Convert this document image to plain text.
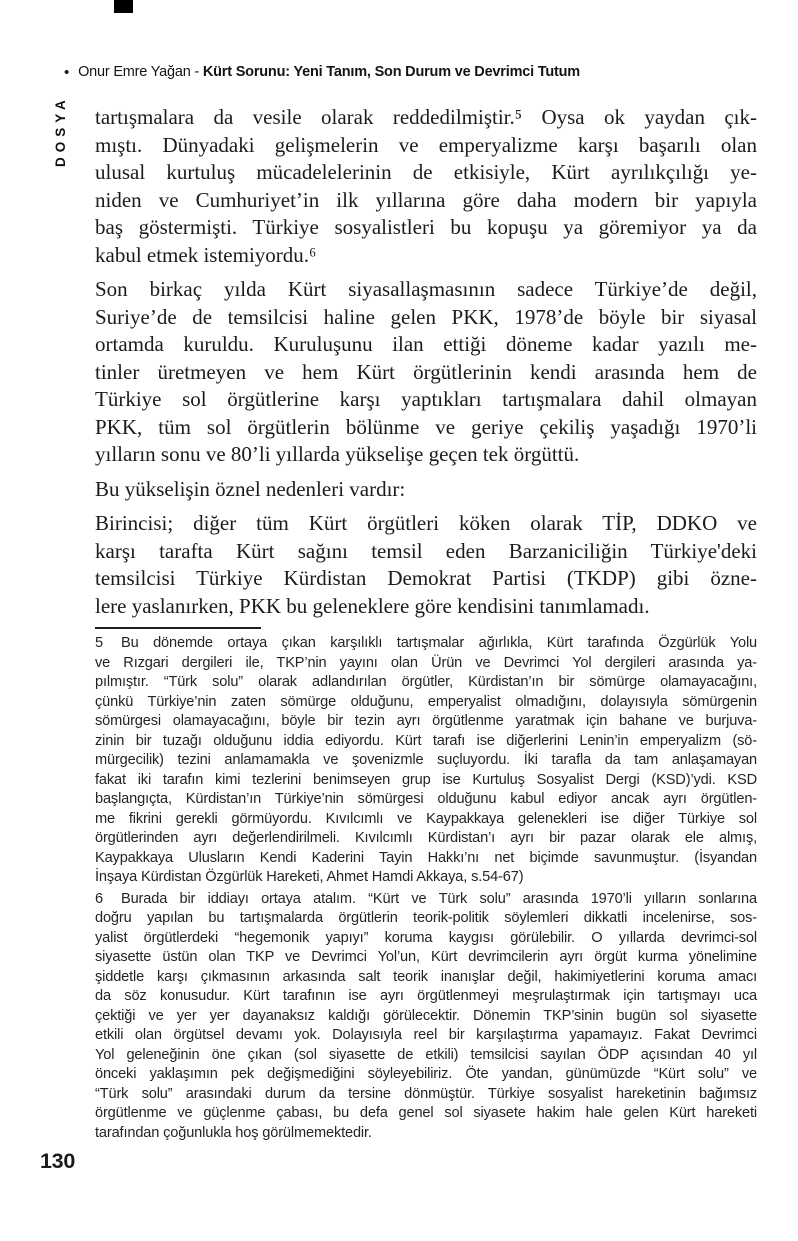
• Onur Emre Yağan - Kürt Sorunu: Yeni Tanım, Son Durum ve Devrimci Tutum
DOSYA tartışmalara da vesile olarak reddedilmiştir.⁵ Oysa ok yaydan çık-
mıştı. Dünyadaki gelişmelerin ve emperyalizme karşı başarılı olan
ulusal kurtuluş mücadelelerinin de etkisiyle, Kürt ayrılıkçılığı ye-
niden ve Cumhuriyet’in ilk yıllarına göre daha modern bir yapıyla
baş göstermişti. Türkiye sosyalistleri bu kopuşu ya göremiyor ya da
kabul etmek istemiyordu.⁶
Son birkaç yılda Kürt siyasallaşmasının sadece Türkiye’de değil,
Suriye’de de temsilcisi haline gelen PKK, 1978’de böyle bir siyasal
ortamda kuruldu. Kuruluşunu ilan ettiği döneme kadar yazılı me-
tinler üretmeyen ve hem Kürt örgütlerinin kendi arasında hem de
Türkiye sol örgütlerine karşı yaptıkları tartışmalara dahil olmayan
PKK, tüm sol örgütlerin bölünme ve geriye çekiliş yaşadığı 1970’li
yılların sonu ve 80’li yıllarda yükselişe geçen tek örgüttü.
Bu yükselişin öznel nedenleri vardır:
Birincisi; diğer tüm Kürt örgütleri köken olarak TİP, DDKO ve
karşı tarafta Kürt sağını temsil eden Barzaniciliğin Türkiye'deki
temsilcisi Türkiye Kürdistan Demokrat Partisi (TKDP) gibi özne-
lere yaslanırken, PKK bu geleneklere göre kendisini tanımlamadı.
5	Bu dönemde ortaya çıkan karşılıklı tartışmalar ağırlıkla, Kürt tarafında Özgürlük Yolu
ve Rızgari dergileri ile, TKP’nin yayını olan Ürün ve Devrimci Yol dergileri arasında ya-
pılmıştır. “Türk solu” olarak adlandırılan örgütler, Kürdistan’ın bir sömürge olamayacağını,
çünkü Türkiye’nin zaten sömürge olduğunu, emperyalist olmadığını, dolayısıyla sömürgenin
sömürgesi olamayacağını, böyle bir tezin ayrı örgütlenme yaratmak için bahane ve burjuva-
zinin bir tuzağı olduğunu iddia ediyordu. Kürt tarafı ise diğerlerini Lenin’in emperyalizm (sö-
mürgecilik) tezini anlamamakla ve şovenizmle suçluyordu. İki tarafla da tam anlaşamayan
fakat iki tarafın kimi tezlerini benimseyen grup ise Kurtuluş Sosyalist Dergi (KSD)’ydi. KSD
başlangıçta, Kürdistan’ın Türkiye’nin sömürgesi olduğunu kabul ediyor ancak ayrı örgütlen-
me fikrini gerekli görmüyordu. Kıvılcımlı ve Kaypakkaya gelenekleri ise diğer Türkiye sol
örgütlerinden ayrı değerlendirilmeli. Kıvılcımlı Kürdistan’ı ayrı bir pazar olarak ele almış,
Kaypakkaya Ulusların Kendi Kaderini Tayin Hakkı’nı net biçimde savunmuştur. (İsyandan
İnşaya Kürdistan Özgürlük Hareketi, Ahmet Hamdi Akkaya, s.54-67)
6	Burada bir iddiayı ortaya atalım. “Kürt ve Türk solu” arasında 1970’li yılların sonlarına
doğru yapılan bu tartışmalarda örgütlerin teorik-politik söylemleri dikkatli incelenirse, sos-
yalist örgütlerdeki “hegemonik yapıyı” koruma kaygısı görülebilir. O yıllarda devrimci-sol
siyasette üstün olan TKP ve Devrimci Yol’un, Kürt devrimcilerin ayrı örgüt kurma yönelimine
şiddetle karşı çıkmasının arkasında salt teorik inanışlar değil, hakimiyetlerini koruma amacı
da söz konusudur. Kürt tarafının ise ayrı örgütlenmeyi meşrulaştırmak için tartışmayı uca
çektiği ve yer yer dayanaksız kaldığı görülecektir. Dönemin TKP’sinin bugün sol siyasette
etkili olan örgütsel devamı yok. Dolayısıyla reel bir karşılaştırma yapamayız. Fakat Devrimci
Yol geleneğinin öne çıkan (sol siyasette de etkili) temsilcisi sayılan ÖDP açısından 40 yıl
önceki yaklaşımın pek değişmediğini söyleyebiliriz. Öte yandan, günümüzde “Kürt solu” ve
“Türk solu” arasındaki durum da tersine dönmüştür. Türkiye sosyalist hareketinin bağımsız
örgütlenme ve güçlenme çabası, bu defa genel sol siyasete hakim hale gelen Kürt hareketi
tarafından çoğunlukla hoş görülmemektedir.
130
